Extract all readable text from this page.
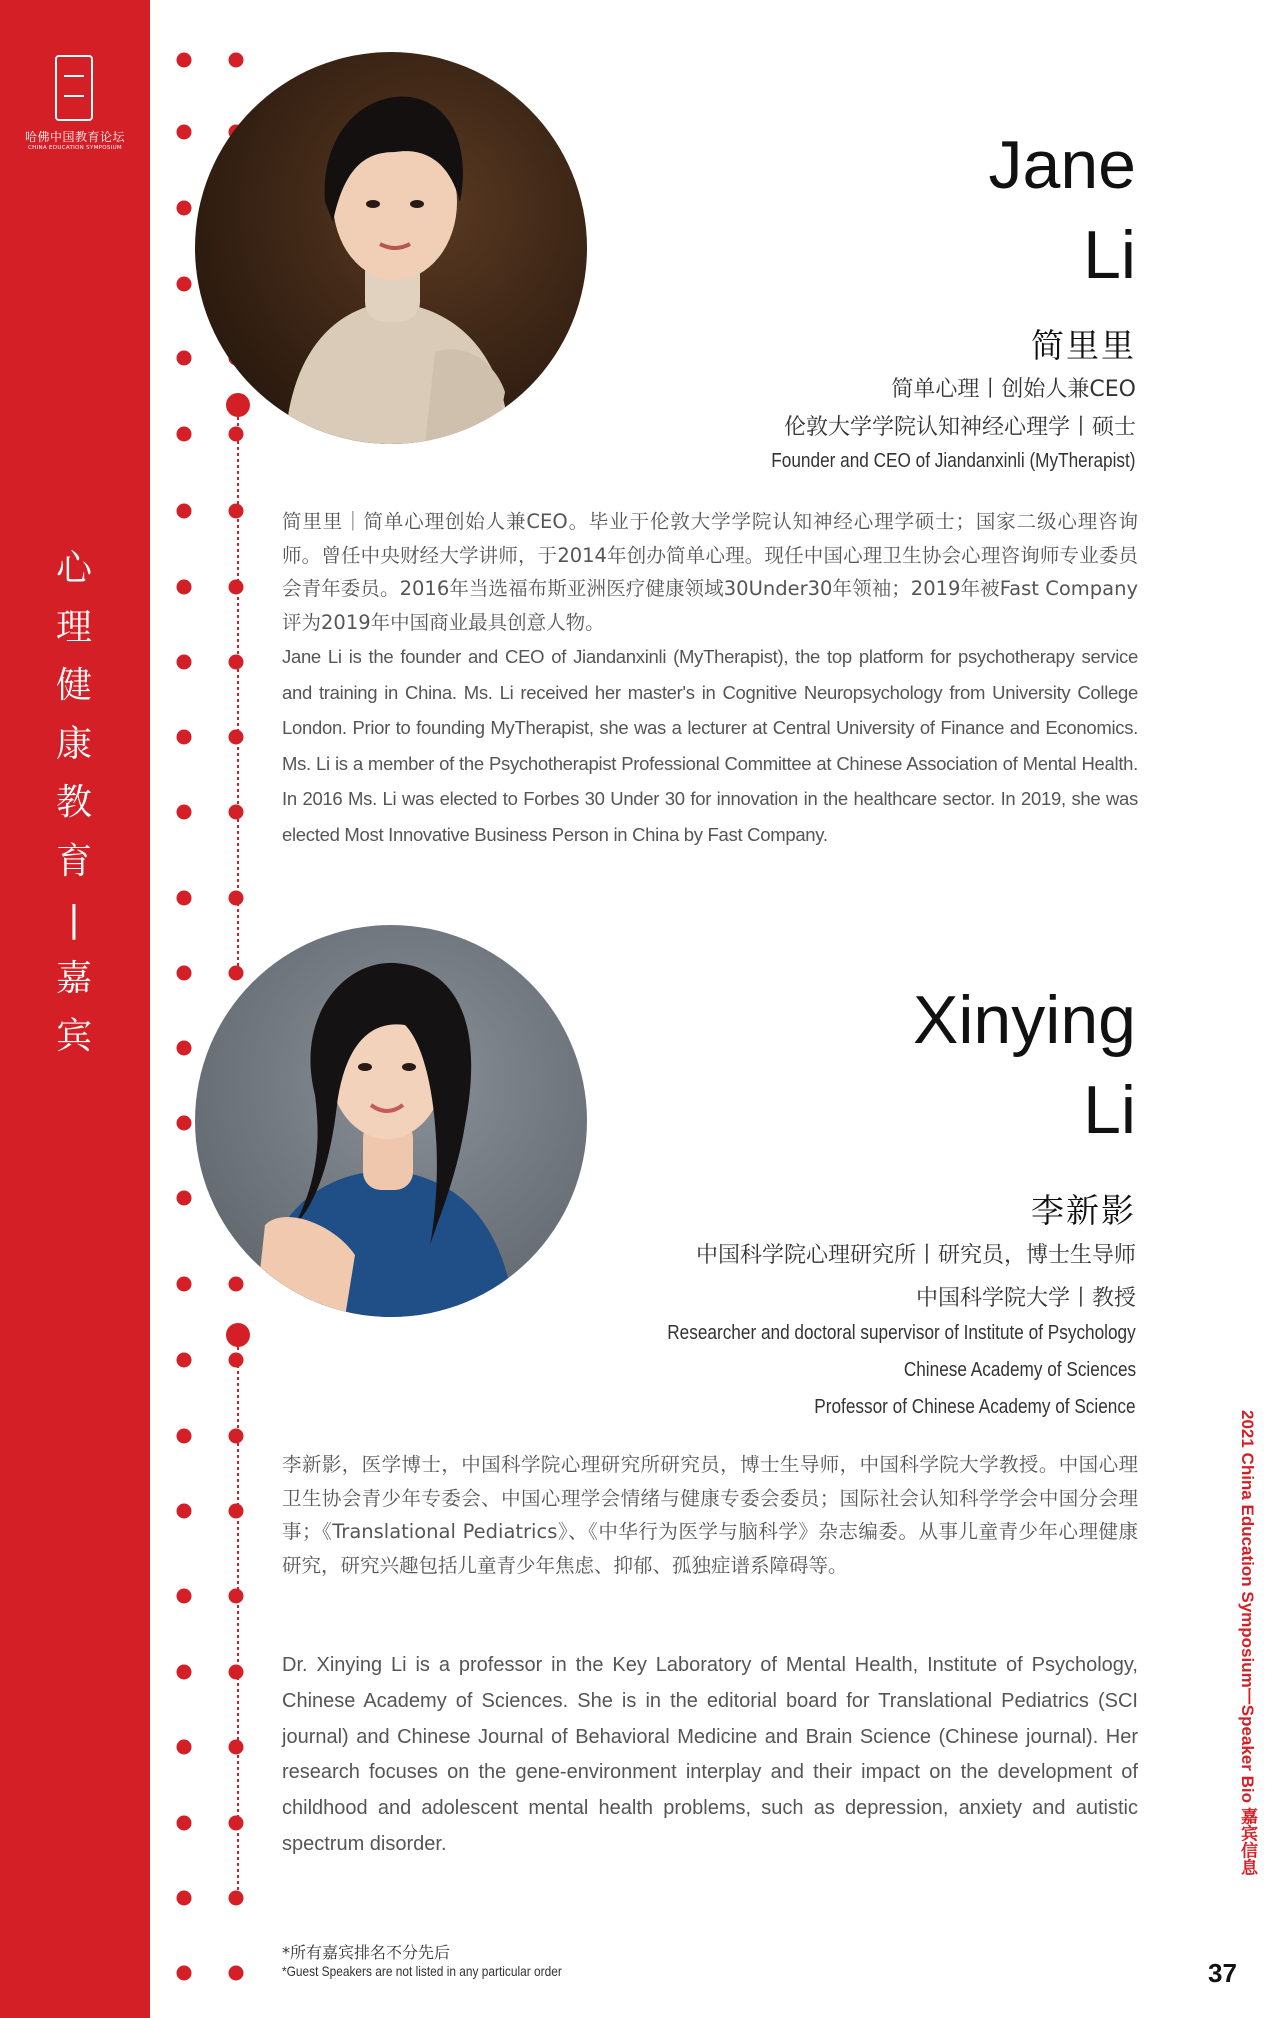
哈佛中国教育论坛
CHINA EDUCATION SYMPOSIUM
心
理
健
康
教
育
|
嘉
宾
Jane
Li
简里里
简单心理丨创始人兼CEO
伦敦大学学院认知神经心理学丨硕士
Founder and CEO of Jiandanxinli (MyTherapist)
简里里｜简单心理创始人兼CEO。毕业于伦敦大学学院认知神经心理学硕士；国家二级心理咨询师。曾任中央财经大学讲师，于2014年创办简单心理。现任中国心理卫生协会心理咨询师专业委员会青年委员。2016年当选福布斯亚洲医疗健康领域30Under30年领袖；2019年被Fast Company评为2019年中国商业最具创意人物。
Jane Li is the founder and CEO of Jiandanxinli (MyTherapist), the top platform for psychotherapy service and training in China. Ms. Li received her master's in Cognitive Neuropsychology from University College London. Prior to founding MyTherapist, she was a lecturer at Central University of Finance and Economics. Ms. Li is a member of the Psychotherapist Professional Committee at Chinese Association of Mental Health. In 2016 Ms. Li was elected to Forbes 30 Under 30 for innovation in the healthcare sector. In 2019, she was elected Most Innovative Business Person in China by Fast Company.
Xinying
Li
李新影
中国科学院心理研究所丨研究员，博士生导师
中国科学院大学丨教授
Researcher and doctoral supervisor of Institute of Psychology
Chinese Academy of Sciences
Professor of Chinese Academy of Science
李新影，医学博士，中国科学院心理研究所研究员，博士生导师，中国科学院大学教授。中国心理卫生协会青少年专委会、中国心理学会情绪与健康专委会委员；国际社会认知科学学会中国分会理事；《Translational Pediatrics》、《中华行为医学与脑科学》杂志编委。从事儿童青少年心理健康研究，研究兴趣包括儿童青少年焦虑、抑郁、孤独症谱系障碍等。
Dr. Xinying Li is a professor in the Key Laboratory of Mental Health, Institute of Psychology, Chinese Academy of Sciences. She is in the editorial board for Translational Pediatrics (SCI journal) and Chinese Journal of Behavioral Medicine and Brain Science (Chinese journal). Her research focuses on the gene-environment interplay and their impact on the development of childhood and adolescent mental health problems, such as depression, anxiety and autistic spectrum disorder.
*所有嘉宾排名不分先后
*Guest Speakers are not listed in any particular order
2021 China Education Symposium丨Speaker Bio 嘉宾信息
37
